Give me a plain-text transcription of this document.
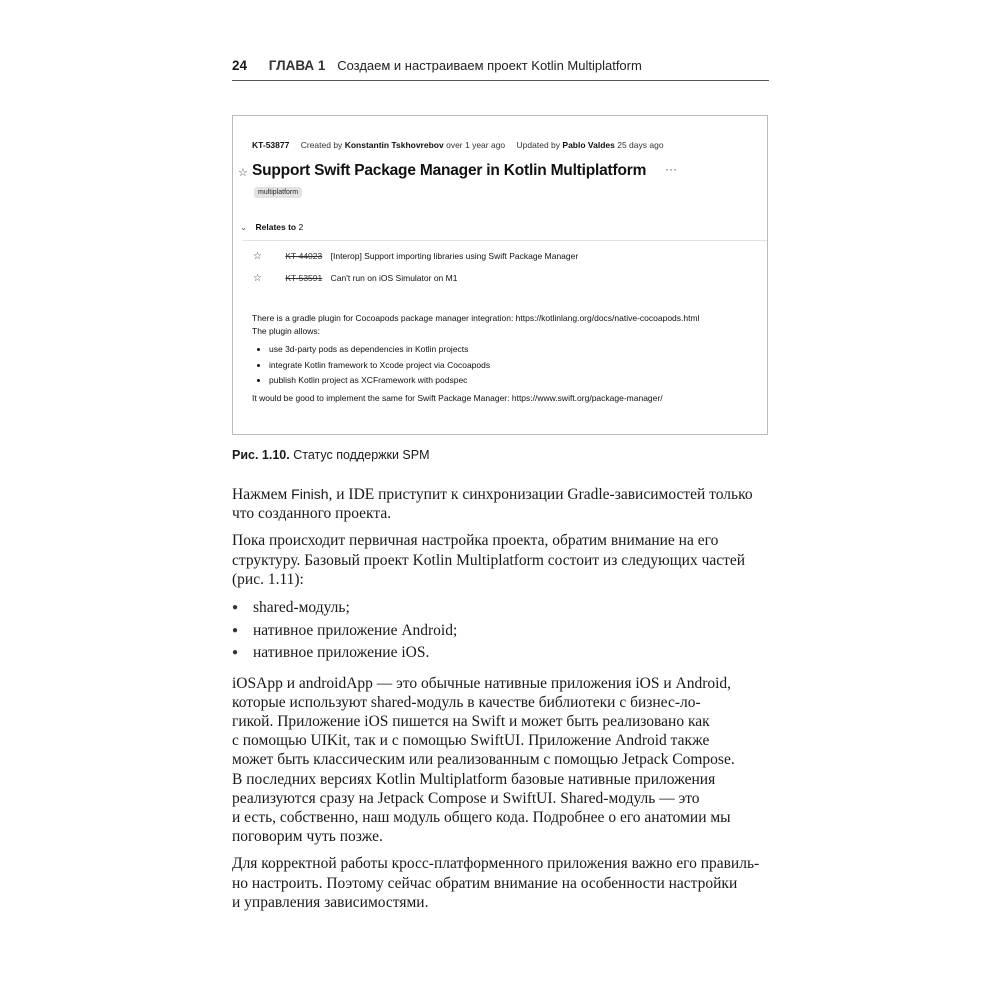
24 ГЛАВА 1 Создаем и настраиваем проект Kotlin Multiplatform
KT-53877 Created by Konstantin Tskhovrebov over 1 year ago Updated by Pablo Valdes 25 days ago
☆ Support Swift Package Manager in Kotlin Multiplatform ···
multiplatform
⌄ Relates to 2
☆	KT-44023 [Interop] Support importing libraries using Swift Package Manager
☆	KT-53591 Can't run on iOS Simulator on M1

There is a gradle plugin for Cocoapods package manager integration: https://kotlinlang.org/docs/native-cocoapods.html

The plugin allows:

• use 3d-party pods as dependencies in Kotlin projects
• integrate Kotlin framework to Xcode project via Cocoapods
• publish Kotlin project as XCFramework with podspec

It would be good to implement the same for Swift Package Manager: https://www.swift.org/package-manager/

Рис. 1.10. Статус поддержки SPM

Нажмем Finish, и IDE приступит к синхронизации Gradle-зависимостей только
что созданного проекта.

Пока происходит первичная настройка проекта, обратим внимание на его
структуру. Базовый проект Kotlin Multiplatform состоит из следующих частей
(рис. 1.11):

● shared-модуль;
● нативное приложение Android;
● нативное приложение iOS.

iOSApp и androidApp — это обычные нативные приложения iOS и Android,
которые используют shared-модуль в качестве библиотеки с бизнес-ло-
гикой. Приложение iOS пишется на Swift и может быть реализовано как
с помощью UIKit, так и с помощью SwiftUI. Приложение Android также
может быть классическим или реализованным с помощью Jetpack Compose.
В последних версиях Kotlin Multiplatform базовые нативные приложения
реализуются сразу на Jetpack Compose и SwiftUI. Shared-модуль — это
и есть, собственно, наш модуль общего кода. Подробнее о его анатомии мы
поговорим чуть позже.

Для корректной работы кросс-платформенного приложения важно его правиль-
но настроить. Поэтому сейчас обратим внимание на особенности настройки
и управления зависимостями.
